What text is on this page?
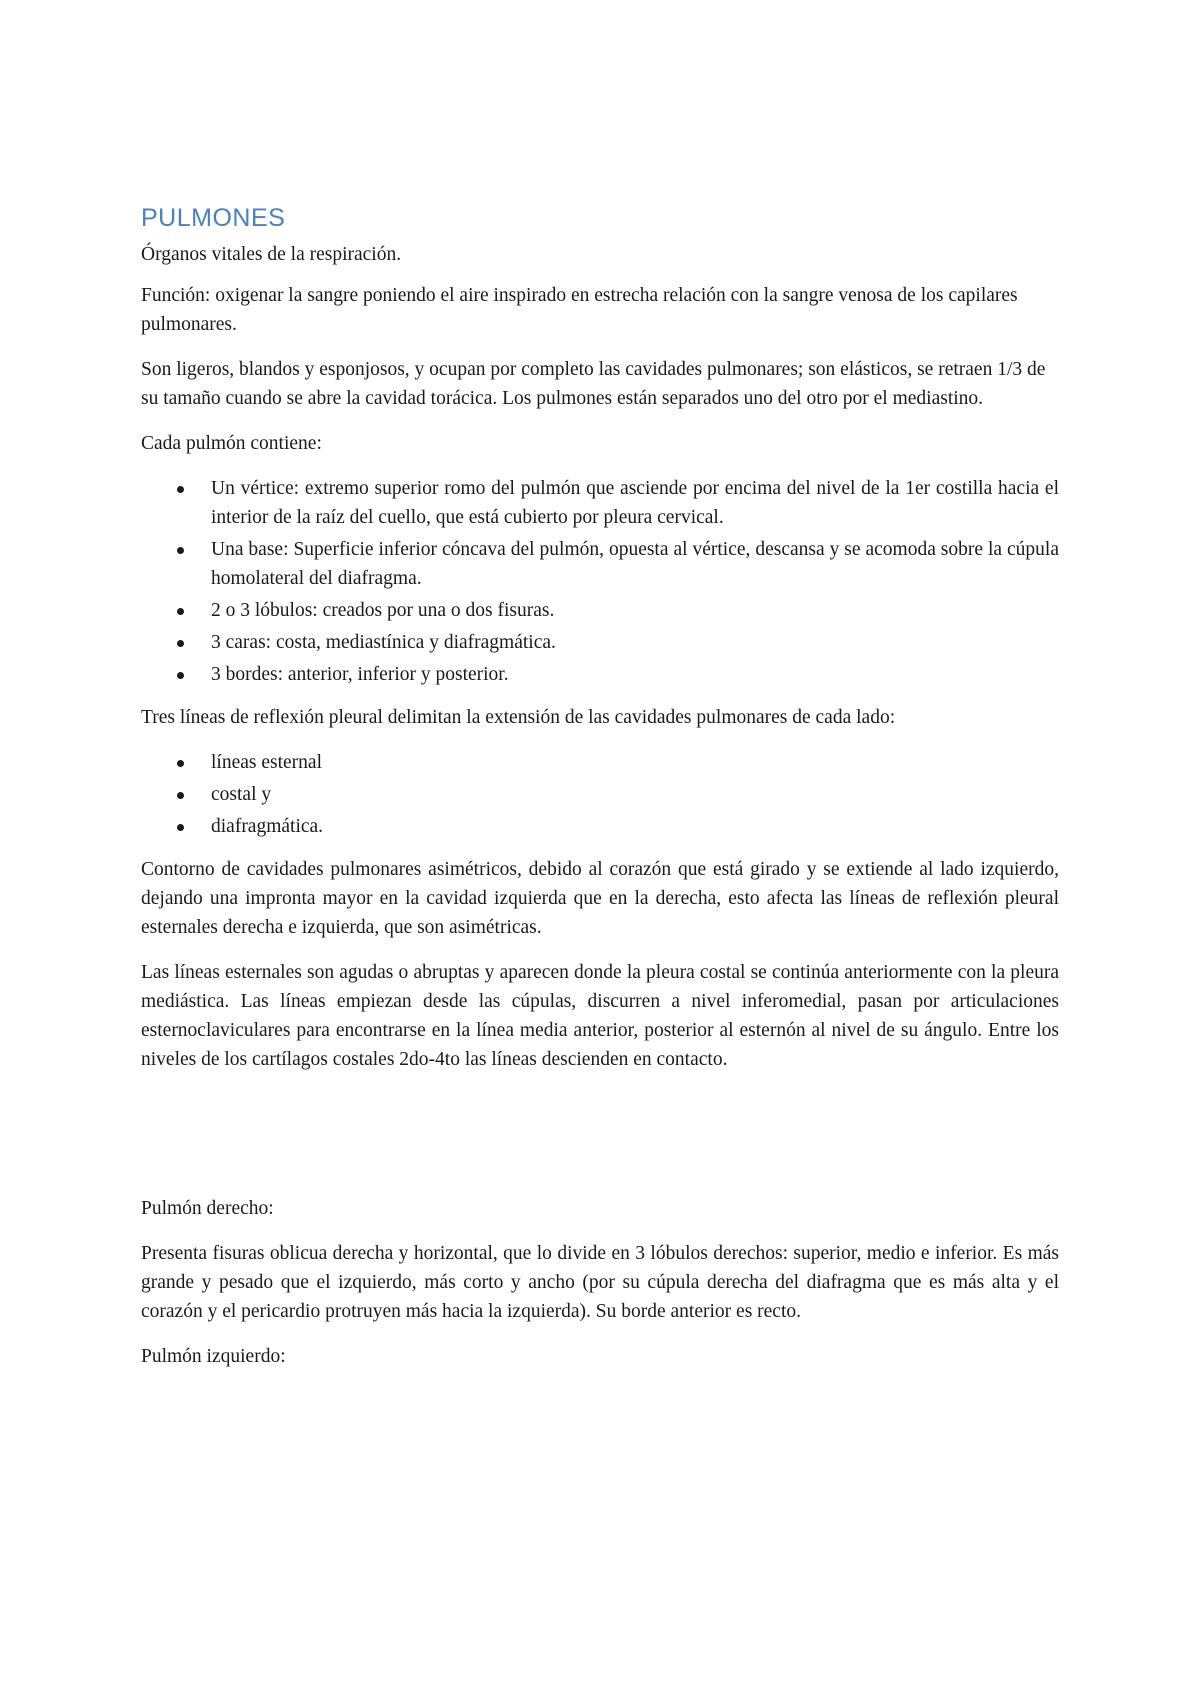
PULMONES

Órganos vitales de la respiración.

Función: oxigenar la sangre poniendo el aire inspirado en estrecha relación con la sangre venosa de los capilares pulmonares.

Son ligeros, blandos y esponjosos, y ocupan por completo las cavidades pulmonares; son elásticos, se retraen 1/3 de su tamaño cuando se abre la cavidad torácica. Los pulmones están separados uno del otro por el mediastino.

Cada pulmón contiene:

Un vértice: extremo superior romo del pulmón que asciende por encima del nivel de la 1er costilla hacia el interior de la raíz del cuello, que está cubierto por pleura cervical.
Una base: Superficie inferior cóncava del pulmón, opuesta al vértice, descansa y se acomoda sobre la cúpula homolateral del diafragma.
2 o 3 lóbulos: creados por una o dos fisuras.
3 caras: costa, mediastínica y diafragmática.
3 bordes: anterior, inferior y posterior.

Tres líneas de reflexión pleural delimitan la extensión de las cavidades pulmonares de cada lado:

líneas esternal
costal y
diafragmática.

Contorno de cavidades pulmonares asimétricos, debido al corazón que está girado y se extiende al lado izquierdo, dejando una impronta mayor en la cavidad izquierda que en la derecha, esto afecta las líneas de reflexión pleural esternales derecha e izquierda, que son asimétricas.

Las líneas esternales son agudas o abruptas y aparecen donde la pleura costal se continúa anteriormente con la pleura mediástica. Las líneas empiezan desde las cúpulas, discurren a nivel inferomedial, pasan por articulaciones esternoclaviculares para encontrarse en la línea media anterior, posterior al esternón al nivel de su ángulo. Entre los niveles de los cartílagos costales 2do-4to las líneas descienden en contacto.

Pulmón derecho:

Presenta fisuras oblicua derecha y horizontal, que lo divide en 3 lóbulos derechos: superior, medio e inferior. Es más grande y pesado que el izquierdo, más corto y ancho (por su cúpula derecha del diafragma que es más alta y el corazón y el pericardio protruyen más hacia la izquierda). Su borde anterior es recto.

Pulmón izquierdo:
